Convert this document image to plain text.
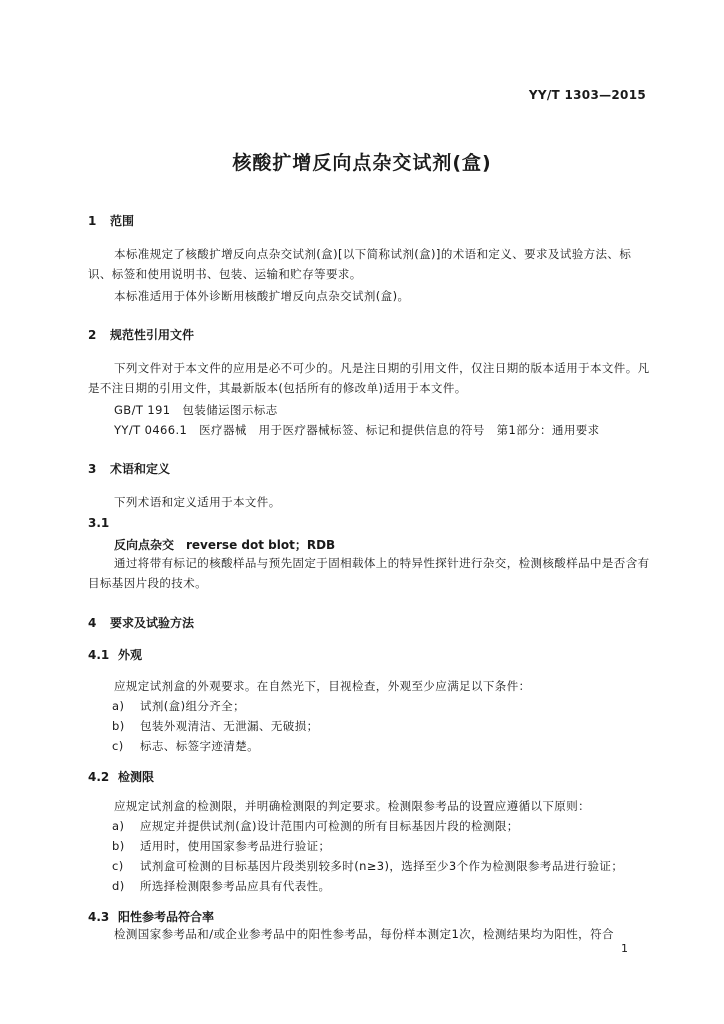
YY/T 1303—2015
核酸扩增反向点杂交试剂(盒)
1 范围
本标准规定了核酸扩增反向点杂交试剂(盒)[以下简称试剂(盒)]的术语和定义、要求及试验方法、标识、标签和使用说明书、包装、运输和贮存等要求。
本标准适用于体外诊断用核酸扩增反向点杂交试剂(盒)。
2 规范性引用文件
下列文件对于本文件的应用是必不可少的。凡是注日期的引用文件，仅注日期的版本适用于本文件。凡是不注日期的引用文件，其最新版本(包括所有的修改单)适用于本文件。
GB/T 191　包装储运图示标志
YY/T 0466.1　医疗器械　用于医疗器械标签、标记和提供信息的符号　第1部分：通用要求
3 术语和定义
下列术语和定义适用于本文件。
3.1
反向点杂交　reverse dot blot；RDB
通过将带有标记的核酸样品与预先固定于固相载体上的特异性探针进行杂交，检测核酸样品中是否含有目标基因片段的技术。
4 要求及试验方法
4.1 外观
应规定试剂盒的外观要求。在自然光下，目视检查，外观至少应满足以下条件：
a) 试剂(盒)组分齐全；
b) 包装外观清洁、无泄漏、无破损；
c) 标志、标签字迹清楚。
4.2 检测限
应规定试剂盒的检测限，并明确检测限的判定要求。检测限参考品的设置应遵循以下原则：
a) 应规定并提供试剂(盒)设计范围内可检测的所有目标基因片段的检测限；
b) 适用时，使用国家参考品进行验证；
c) 试剂盒可检测的目标基因片段类别较多时(n≥3)，选择至少3个作为检测限参考品进行验证；
d) 所选择检测限参考品应具有代表性。
4.3 阳性参考品符合率
检测国家参考品和/或企业参考品中的阳性参考品，每份样本测定1次，检测结果均为阳性，符合
1
